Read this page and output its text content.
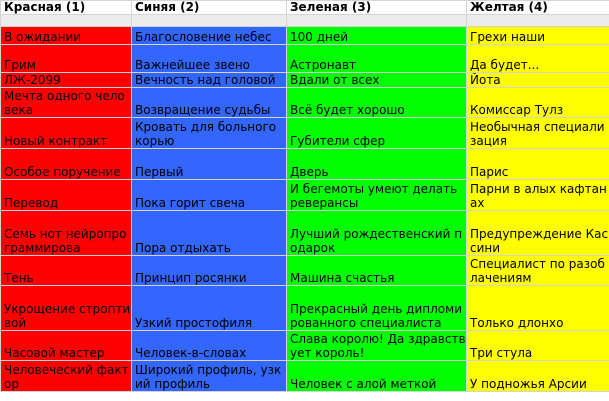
Красная (1)	Синяя (2)	Зеленая (3)	Желтая (4)

В ожидании	Благословение небес	100 дней	Грехи наши

Грим	Важнейшее звено	Астронавт	Да будет...

ЛЖ-2099	Вечность над головой	Вдали от всех	Йота

Мечта одного человека	Возвращение судьбы	Всё будет хорошо	Комиссар Тулз

Новый контракт	Кровать для больного корью	Губители сфер	Необычная специализация

Особое поручение	Первый	Дверь	Парис

Перевод	Пока горит свеча	И бегемоты умеют делать реверансы	Парни в алых кафтанах

Семь нот нейропрограммирова	Пора отдыхать	Лучший рождественский подарок	Предупреждение Кассини

Тень	Принцип росянки	Машина счастья	Специалист по разоблачениям

Укрощение строптивой	Узкий простофиля	Прекрасный день дипломированного специалиста	Только длонхо

Часовой мастер	Человек-в-словах	Слава королю! Да здравствует король!	Три стула

Человеческий фактор	Широкий профиль, узкий профиль	Человек с алой меткой	У подножья Арсии
